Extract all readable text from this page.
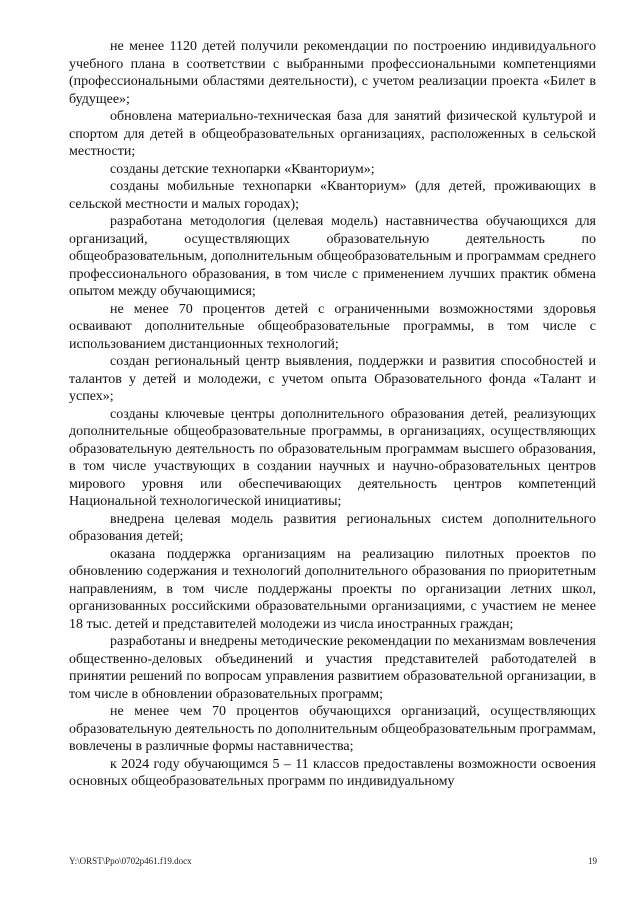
не менее 1120 детей получили рекомендации по построению индивидуального учебного плана в соответствии с выбранными профессиональными компетенциями (профессиональными областями деятельности), с учетом реализации проекта «Билет в будущее»;

обновлена материально-техническая база для занятий физической культурой и спортом для детей в общеобразовательных организациях, расположенных в сельской местности;

созданы детские технопарки «Кванториум»;

созданы мобильные технопарки «Кванториум» (для детей, проживающих в сельской местности и малых городах);

разработана методология (целевая модель) наставничества обучающихся для организаций, осуществляющих образовательную деятельность по общеобразовательным, дополнительным общеобразовательным и программам среднего профессионального образования, в том числе с применением лучших практик обмена опытом между обучающимися;

не менее 70 процентов детей с ограниченными возможностями здоровья осваивают дополнительные общеобразовательные программы, в том числе с использованием дистанционных технологий;

создан региональный центр выявления, поддержки и развития способностей и талантов у детей и молодежи, с учетом опыта Образовательного фонда «Талант и успех»;

созданы ключевые центры дополнительного образования детей, реализующих дополнительные общеобразовательные программы, в организациях, осуществляющих образовательную деятельность по образовательным программам высшего образования, в том числе участвующих в создании научных и научно-образовательных центров мирового уровня или обеспечивающих деятельность центров компетенций Национальной технологической инициативы;

внедрена целевая модель развития региональных систем дополнительного образования детей;

оказана поддержка организациям на реализацию пилотных проектов по обновлению содержания и технологий дополнительного образования по приоритетным направлениям, в том числе поддержаны проекты по организации летних школ, организованных российскими образовательными организациями, с участием не менее 18 тыс. детей и представителей молодежи из числа иностранных граждан;

разработаны и внедрены методические рекомендации по механизмам вовлечения общественно-деловых объединений и участия представителей работодателей в принятии решений по вопросам управления развитием образовательной организации, в том числе в обновлении образовательных программ;

не менее чем 70 процентов обучающихся организаций, осуществляющих образовательную деятельность по дополнительным общеобразовательным программам, вовлечены в различные формы наставничества;

к 2024 году обучающимся 5 – 11 классов предоставлены возможности освоения основных общеобразовательных программ по индивидуальному

Y:\ORST\Ppo\0702p461.f19.docx	19
